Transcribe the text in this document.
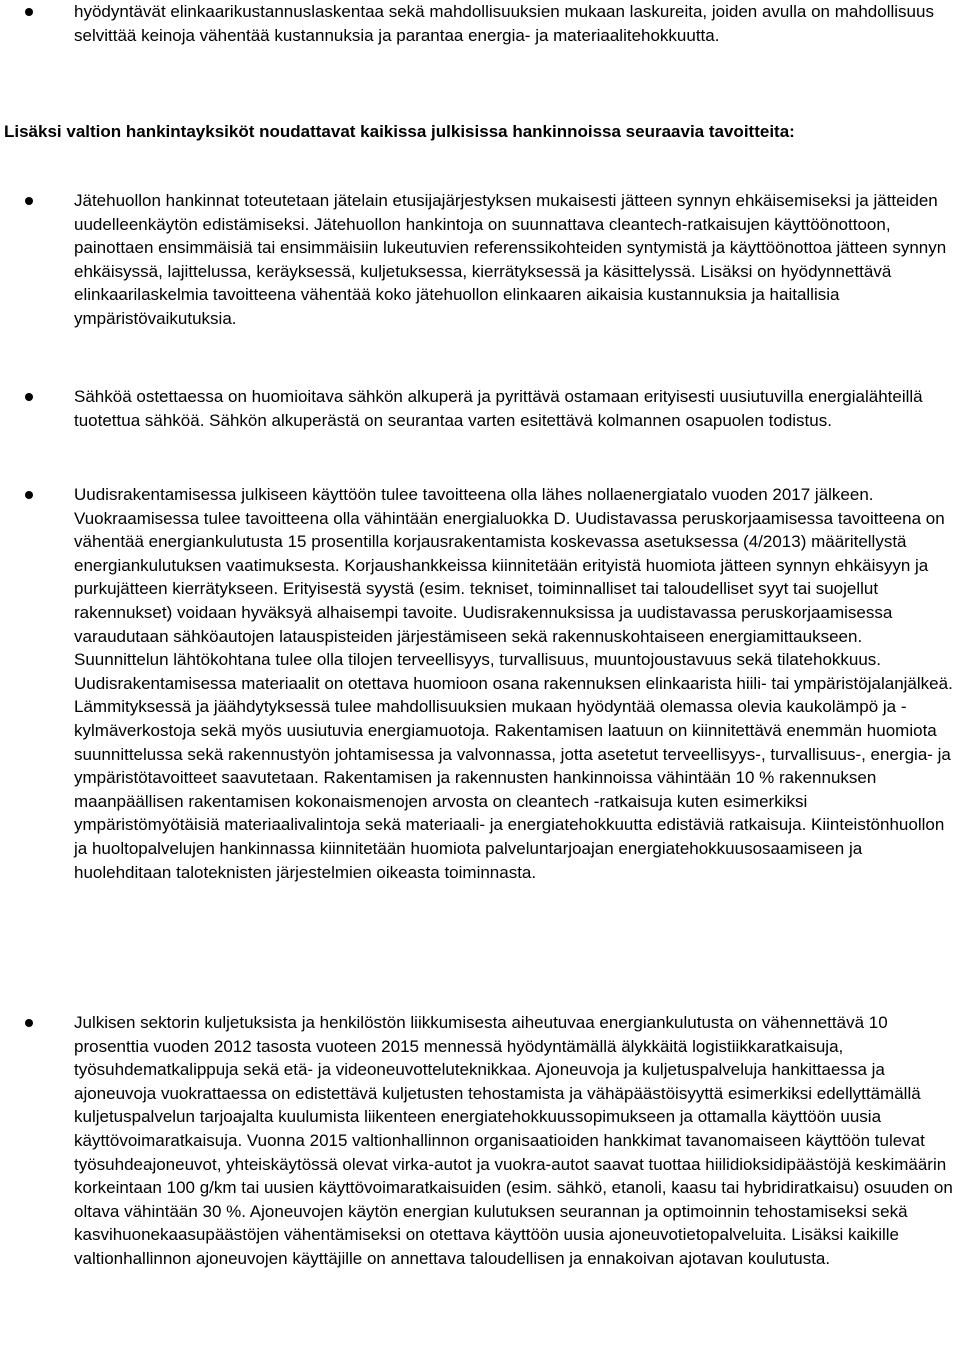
hyödyntävät elinkaarikustannuslaskentaa sekä mahdollisuuksien mukaan laskureita, joiden avulla on mahdollisuus selvittää keinoja vähentää kustannuksia ja parantaa energia- ja materiaalitehokkuutta.

Lisäksi valtion hankintayksiköt noudattavat kaikissa julkisissa hankinnoissa seuraavia tavoitteita:

Jätehuollon hankinnat toteutetaan jätelain etusijajärjestyksen mukaisesti jätteen synnyn ehkäisemiseksi ja jätteiden uudelleenkäytön edistämiseksi. Jätehuollon hankintoja on suunnattava cleantech-ratkaisujen käyttöönottoon, painottaen ensimmäisiä tai ensimmäisiin lukeutuvien referenssikohteiden syntymistä ja käyttöönottoa jätteen synnyn ehkäisyssä, lajittelussa, keräyksessä, kuljetuksessa, kierrätyksessä ja käsittelyssä. Lisäksi on hyödynnettävä elinkaarilaskelmia tavoitteena vähentää koko jätehuollon elinkaaren aikaisia kustannuksia ja haitallisia ympäristövaikutuksia.

Sähköä ostettaessa on huomioitava sähkön alkuperä ja pyrittävä ostamaan erityisesti uusiutuvilla energialähteillä tuotettua sähköä. Sähkön alkuperästä on seurantaa varten esitettävä kolmannen osapuolen todistus.

Uudisrakentamisessa julkiseen käyttöön tulee tavoitteena olla lähes nollaenergiatalo vuoden 2017 jälkeen. Vuokraamisessa tulee tavoitteena olla vähintään energialuokka D. Uudistavassa peruskorjaamisessa tavoitteena on vähentää energiankulutusta 15 prosentilla korjausrakentamista koskevassa asetuksessa (4/2013) määritellystä energiankulutuksen vaatimuksesta. Korjaushankkeissa kiinnitetään erityistä huomiota jätteen synnyn ehkäisyyn ja purkujätteen kierrätykseen. Erityisestä syystä (esim. tekniset, toiminnalliset tai taloudelliset syyt tai suojellut rakennukset) voidaan hyväksyä alhaisempi tavoite. Uudisrakennuksissa ja uudistavassa peruskorjaamisessa varaudutaan sähköautojen latauspisteiden järjestämiseen sekä rakennuskohtaiseen energiamittaukseen. Suunnittelun lähtökohtana tulee olla tilojen terveellisyys, turvallisuus, muuntojoustavuus sekä tilatehokkuus. Uudisrakentamisessa materiaalit on otettava huomioon osana rakennuksen elinkaarista hiili- tai ympäristöjalanjälkeä. Lämmityksessä ja jäähdytyksessä tulee mahdollisuuksien mukaan hyödyntää olemassa olevia kaukolämpö ja -kylmäverkostoja sekä myös uusiutuvia energiamuotoja. Rakentamisen laatuun on kiinnitettävä enemmän huomiota suunnittelussa sekä rakennustyön johtamisessa ja valvonnassa, jotta asetetut terveellisyys-, turvallisuus-, energia- ja ympäristötavoitteet saavutetaan. Rakentamisen ja rakennusten hankinnoissa vähintään 10 % rakennuksen maanpäällisen rakentamisen kokonaismenojen arvosta on cleantech -ratkaisuja kuten esimerkiksi ympäristömyötäisiä materiaalivalintoja sekä materiaali- ja energiatehokkuutta edistäviä ratkaisuja. Kiinteistönhuollon ja huoltopalvelujen hankinnassa kiinnitetään huomiota palveluntarjoajan energiatehokkuusosaamiseen ja huolehditaan taloteknisten järjestelmien oikeasta toiminnasta.

Julkisen sektorin kuljetuksista ja henkilöstön liikkumisesta aiheutuvaa energiankulutusta on vähennettävä 10 prosenttia vuoden 2012 tasosta vuoteen 2015 mennessä hyödyntämällä älykkäitä logistiikkaratkaisuja, työsuhdematkalippuja sekä etä- ja videoneuvotteluteknikkaa. Ajoneuvoja ja kuljetuspalveluja hankittaessa ja ajoneuvoja vuokrattaessa on edistettävä kuljetusten tehostamista ja vähäpäästöisyyttä esimerkiksi edellyttämällä kuljetuspalvelun tarjoajalta kuulumista liikenteen energiatehokkuussopimukseen ja ottamalla käyttöön uusia käyttövoimaratkaisuja. Vuonna 2015 valtionhallinnon organisaatioiden hankkimat tavanomaiseen käyttöön tulevat työsuhdeajoneuvot, yhteiskäytössä olevat virka-autot ja vuokra-autot saavat tuottaa hiilidioksidipäästöjä keskimäärin korkeintaan 100 g/km tai uusien käyttövoimaratkaisuiden (esim. sähkö, etanoli, kaasu tai hybridiratkaisu) osuuden on oltava vähintään 30 %. Ajoneuvojen käytön energian kulutuksen seurannan ja optimoinnin tehostamiseksi sekä kasvihuonekaasupäästöjen vähentämiseksi on otettava käyttöön uusia ajoneuvotietopalveluita. Lisäksi kaikille valtionhallinnon ajoneuvojen käyttäjille on annettava taloudellisen ja ennakoivan ajotavan koulutusta.
